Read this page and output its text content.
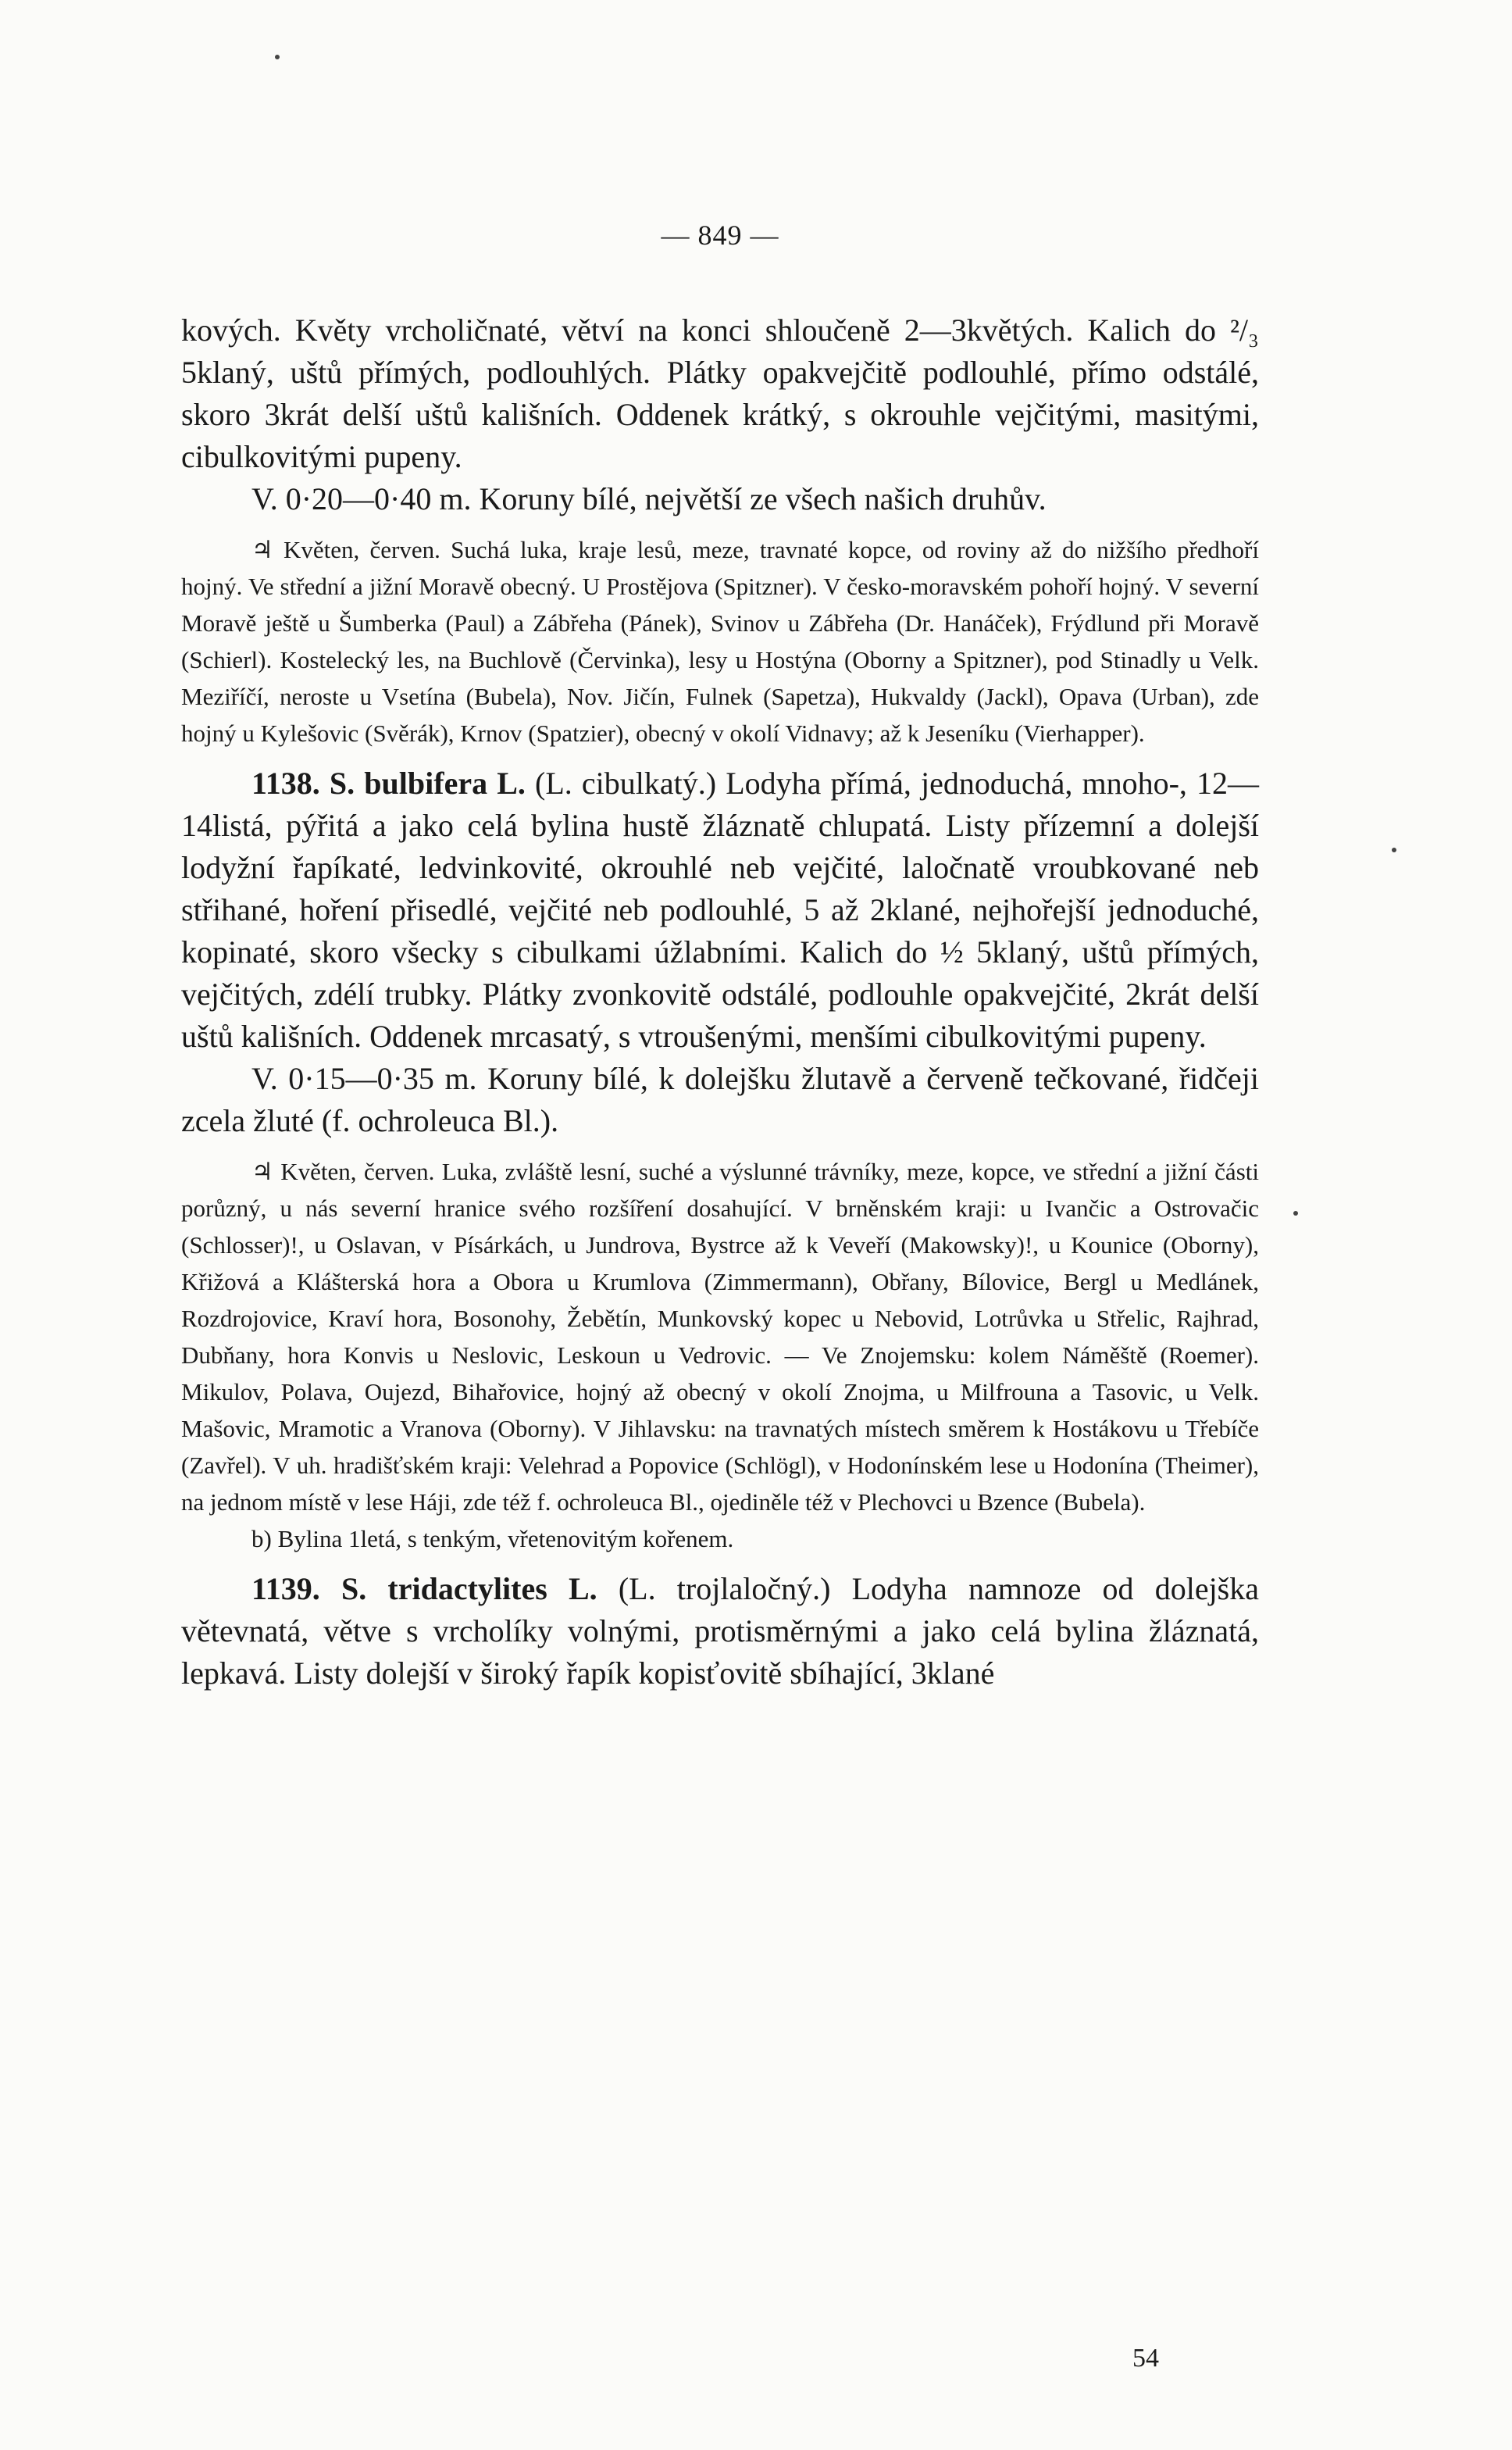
— 849 —

kových. Květy vrcholičnaté, větví na konci shloučeně 2—3květých. Kalich do ²/₃ 5klaný, uštů přímých, podlouhlých. Plátky opakvejčitě podlouhlé, přímo odstálé, skoro 3krát delší uštů kališních. Oddenek krátký, s okrouhle vejčitými, masitými, cibulkovitými pupeny.

V. 0·20—0·40 m. Koruny bílé, největší ze všech našich druhův.

♃ Květen, červen. Suchá luka, kraje lesů, meze, travnaté kopce, od roviny až do nižšího předhoří hojný. Ve střední a jižní Moravě obecný. U Prostějova (Spitzner). V česko-moravském pohoří hojný. V severní Moravě ještě u Šumberka (Paul) a Zábřeha (Pánek), Svinov u Zábřeha (Dr. Hanáček), Frýdlund při Moravě (Schierl). Kostelecký les, na Buchlově (Červinka), lesy u Hostýna (Oborny a Spitzner), pod Stinadly u Velk. Meziříčí, neroste u Vsetína (Bubela), Nov. Jičín, Fulnek (Sapetza), Hukvaldy (Jackl), Opava (Urban), zde hojný u Kylešovic (Svěrák), Krnov (Spatzier), obecný v okolí Vidnavy; až k Jeseníku (Vierhapper).

1138. S. bulbifera L. (L. cibulkatý.) Lodyha přímá, jednoduchá, mnoho-, 12—14listá, pýřitá a jako celá bylina hustě žláznatě chlupatá. Listy přízemní a dolejší lodyžní řapíkaté, ledvinkovité, okrouhlé neb vejčité, laločnatě vroubkované neb střihané, hoření přisedlé, vejčité neb podlouhlé, 5 až 2klané, nejhořejší jednoduché, kopinaté, skoro všecky s cibulkami úžlabními. Kalich do ½ 5klaný, uštů přímých, vejčitých, zdélí trubky. Plátky zvonkovitě odstálé, podlouhle opakvejčité, 2krát delší uštů kališních. Oddenek mrcasatý, s vtroušenými, menšími cibulkovitými pupeny.

V. 0·15—0·35 m. Koruny bílé, k dolejšku žlutavě a červeně tečkované, řidčeji zcela žluté (f. ochroleuca Bl.).

♃ Květen, červen. Luka, zvláště lesní, suché a výslunné trávníky, meze, kopce, ve střední a jižní části porůzný, u nás severní hranice svého rozšíření dosahující. V brněnském kraji: u Ivančic a Ostrovačic (Schlosser)!, u Oslavan, v Písárkách, u Jundrova, Bystrce až k Veveří (Makowsky)!, u Kounice (Oborny), Křižová a Klášterská hora a Obora u Krumlova (Zimmermann), Obřany, Bílovice, Bergl u Medlánek, Rozdrojovice, Kraví hora, Bosonohy, Žebětín, Munkovský kopec u Nebovid, Lotrůvka u Střelic, Rajhrad, Dubňany, hora Konvis u Neslovic, Leskoun u Vedrovic. — Ve Znojemsku: kolem Náměště (Roemer). Mikulov, Polava, Oujezd, Bihařovice, hojný až obecný v okolí Znojma, u Milfrouna a Tasovic, u Velk. Mašovic, Mramotic a Vranova (Oborny). V Jihlavsku: na travnatých místech směrem k Hostákovu u Třebíče (Zavřel). V uh. hradišťském kraji: Velehrad a Popovice (Schlögl), v Hodonínském lese u Hodonína (Theimer), na jednom místě v lese Háji, zde též f. ochroleuca Bl., ojediněle též v Plechovci u Bzence (Bubela).

b) Bylina 1letá, s tenkým, vřetenovitým kořenem.

1139. S. tridactylites L. (L. trojlaločný.) Lodyha namnoze od dolejška větevnatá, větve s vrcholíky volnými, protisměrnými a jako celá bylina žláznatá, lepkavá. Listy dolejší v široký řapík kopisťovitě sbíhající, 3klané

54
